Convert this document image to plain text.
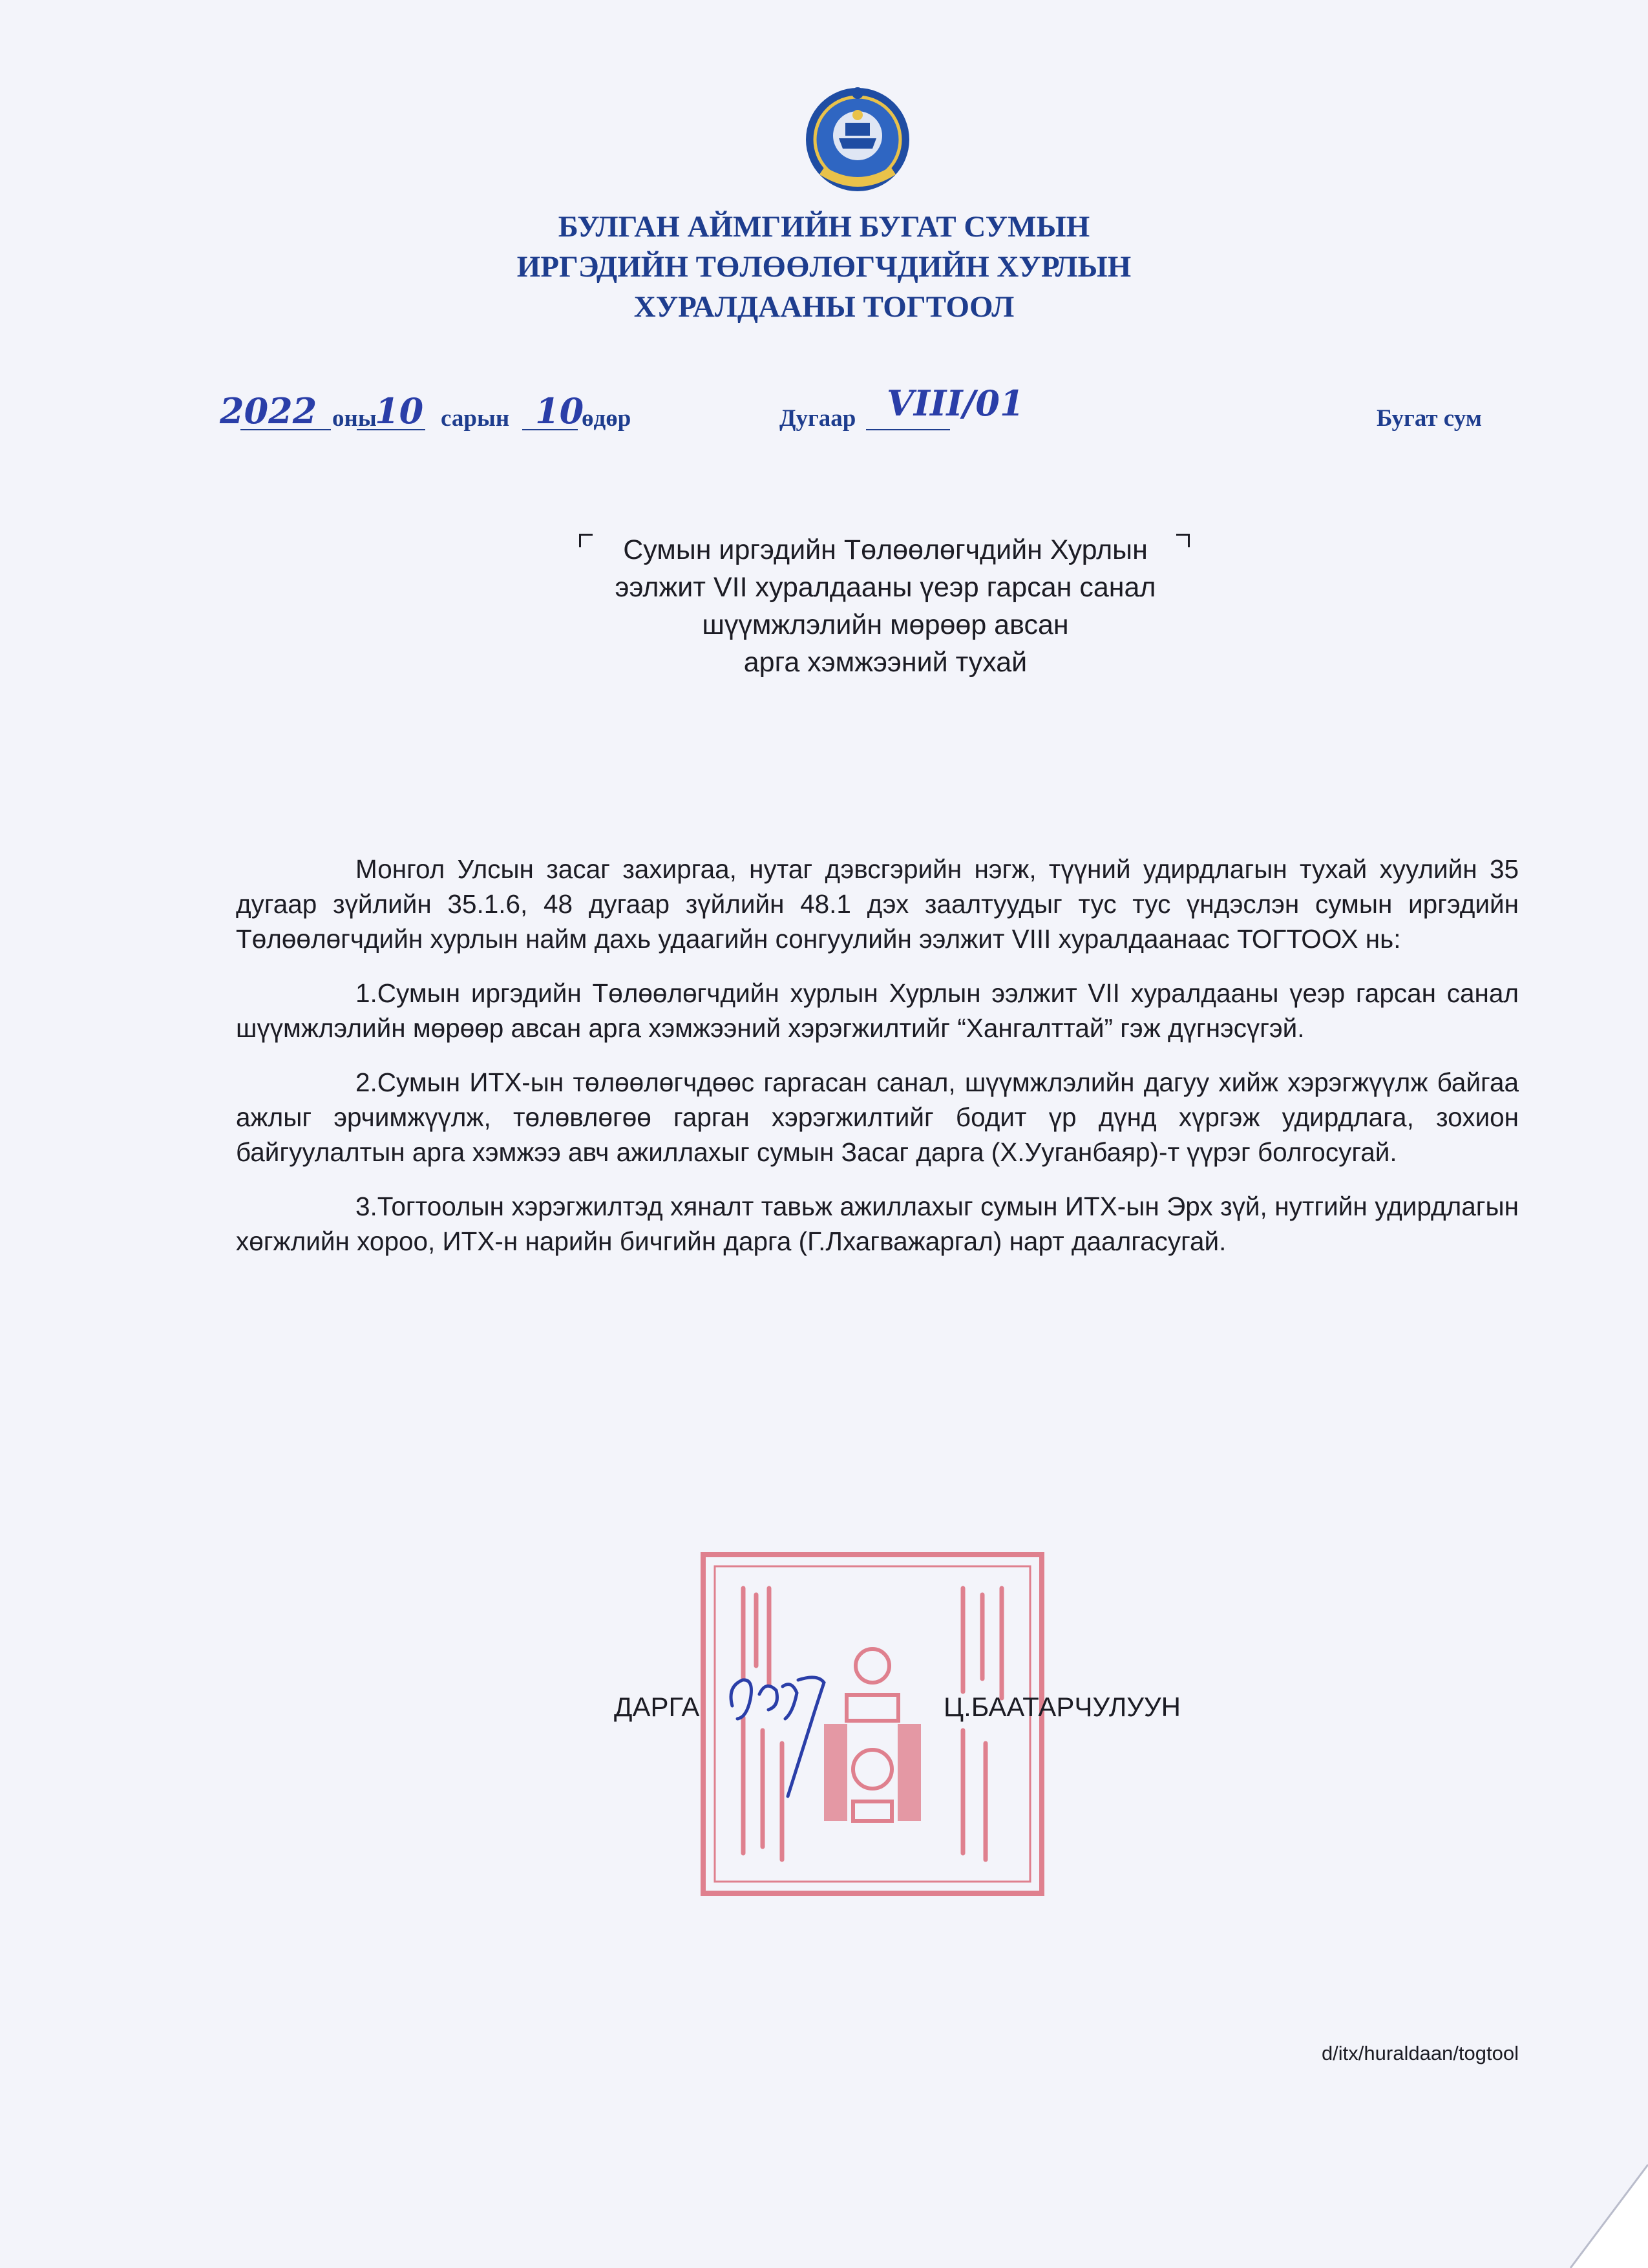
БУЛГАН АЙМГИЙН БУГАТ СУМЫН
ИРГЭДИЙН ТӨЛӨӨЛӨГЧДИЙН ХУРЛЫН
ХУРАЛДААНЫ ТОГТООЛ
2022 оны
10 сарын 10
өдөр	Дугаар VIII/01	Бугат сум
Сумын иргэдийн Төлөөлөгчдийн Хурлын
ээлжит VII хуралдааны үеэр гарсан санал
шүүмжлэлийн мөрөөр авсан
арга хэмжээний тухай

Монгол Улсын засаг захиргаа, нутаг дэвсгэрийн нэгж, түүний удирдлагын тухай хуулийн 35 дугаар зүйлийн 35.1.6, 48 дугаар зүйлийн 48.1 дэх заалтуудыг тус тус үндэслэн сумын иргэдийн Төлөөлөгчдийн хурлын найм дахь удаагийн сонгуулийн ээлжит VIII хуралдаанаас ТОГТООХ нь:

1.Сумын иргэдийн Төлөөлөгчдийн хурлын Хурлын ээлжит VII хуралдааны үеэр гарсан санал шүүмжлэлийн мөрөөр авсан арга хэмжээний хэрэгжилтийг “Хангалттай” гэж дүгнэсүгэй.

2.Сумын ИТХ-ын төлөөлөгчдөөс гаргасан санал, шүүмжлэлийн дагуу хийж хэрэгжүүлж байгаа ажлыг эрчимжүүлж, төлөвлөгөө гарган хэрэгжилтийг бодит үр дүнд хүргэж удирдлага, зохион байгуулалтын арга хэмжээ авч ажиллахыг сумын Засаг дарга (Х.Ууганбаяр)-т үүрэг болгосугай.

3.Тогтоолын хэрэгжилтэд хяналт тавьж ажиллахыг сумын ИТХ-ын Эрх зүй, нутгийн удирдлагын хөгжлийн хороо, ИТХ-н нарийн бичгийн дарга (Г.Лхагважаргал) нарт даалгасугай.

ДАРГА	Ц.БААТАРЧУЛУУН
d/itx/huraldaan/togtool
